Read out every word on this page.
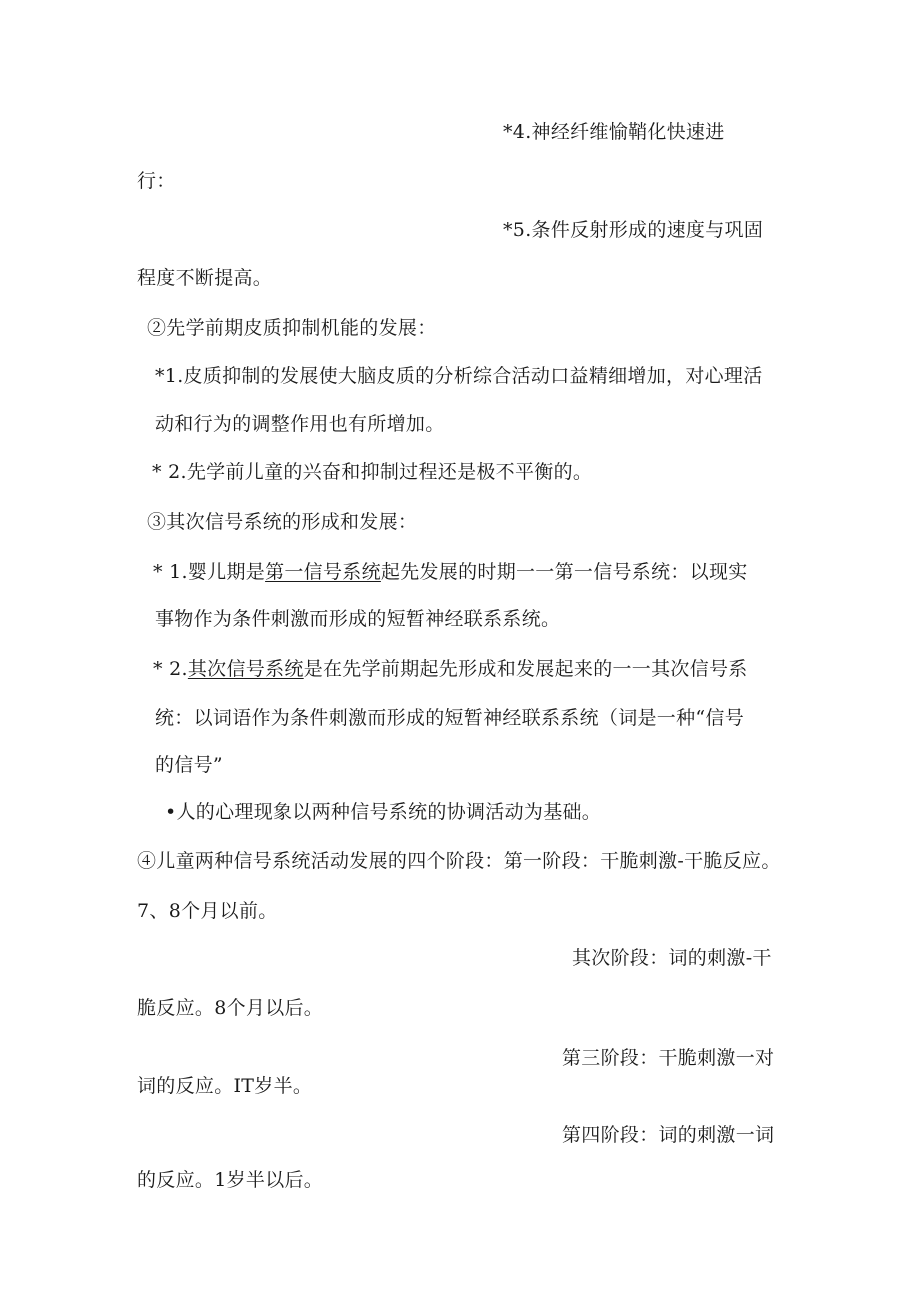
*4.神经纤维愉鞘化快速进
行：
*5.条件反射形成的速度与巩固
程度不断提高。
②先学前期皮质抑制机能的发展：
*1.皮质抑制的发展使大脑皮质的分析综合活动口益精细增加，对心理活
动和行为的调整作用也有所增加。
* 2.先学前儿童的兴奋和抑制过程还是极不平衡的。
③其次信号系统的形成和发展：
* 1.婴儿期是第一信号系统起先发展的时期一一第一信号系统：以现实
事物作为条件刺激而形成的短暂神经联系系统。
* 2.其次信号系统是在先学前期起先形成和发展起来的一一其次信号系
统：以词语作为条件刺激而形成的短暂神经联系系统（词是一种“信号
的信号”
•人的心理现象以两种信号系统的协调活动为基础。
④儿童两种信号系统活动发展的四个阶段：第一阶段：干脆刺激-干脆反应。
7、8个月以前。
其次阶段：词的刺激-干
脆反应。8个月以后。
第三阶段：干脆刺激一对
词的反应。IT岁半。
第四阶段：词的刺激一词
的反应。1岁半以后。
